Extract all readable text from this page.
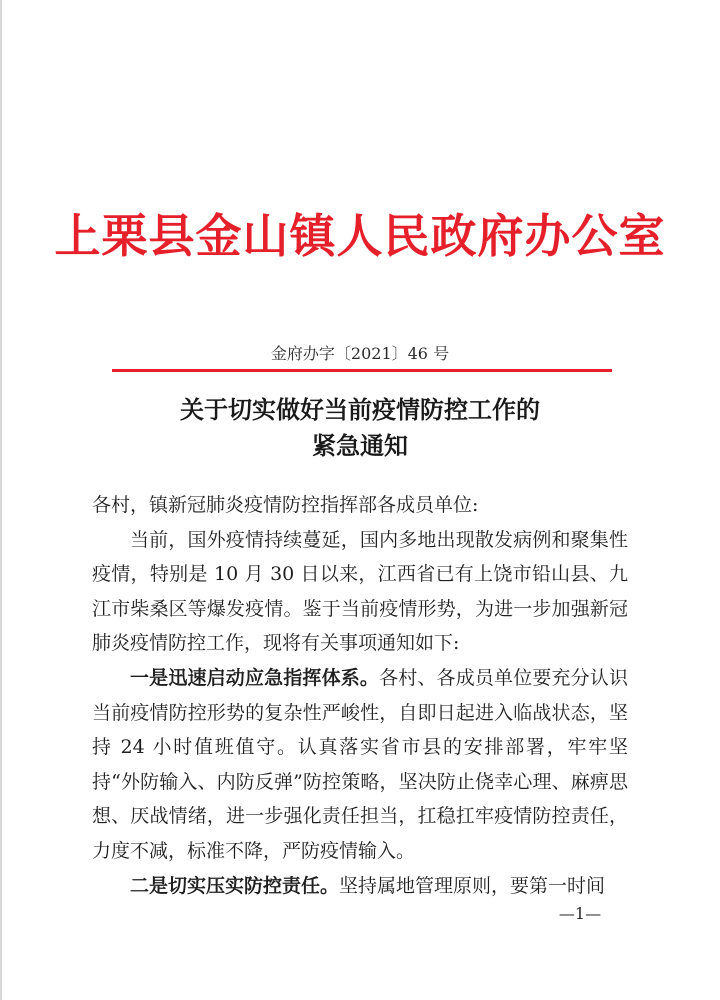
上栗县金山镇人民政府办公室
金府办字〔2021〕46 号
关于切实做好当前疫情防控工作的
紧急通知

各村，镇新冠肺炎疫情防控指挥部各成员单位:

当前，国外疫情持续蔓延，国内多地出现散发病例和聚集性疫情，特别是 10 月 30 日以来，江西省已有上饶市铅山县、九江市柴桑区等爆发疫情。鉴于当前疫情形势，为进一步加强新冠肺炎疫情防控工作，现将有关事项通知如下:

一是迅速启动应急指挥体系。各村、各成员单位要充分认识当前疫情防控形势的复杂性严峻性，自即日起进入临战状态，坚持 24 小时值班值守。认真落实省市县的安排部署，牢牢坚持“外防输入、内防反弹”防控策略，坚决防止侥幸心理、麻痹思想、厌战情绪，进一步强化责任担当，扛稳扛牢疫情防控责任，力度不减，标准不降，严防疫情输入。

二是切实压实防控责任。坚持属地管理原则，要第一时间

—1—
